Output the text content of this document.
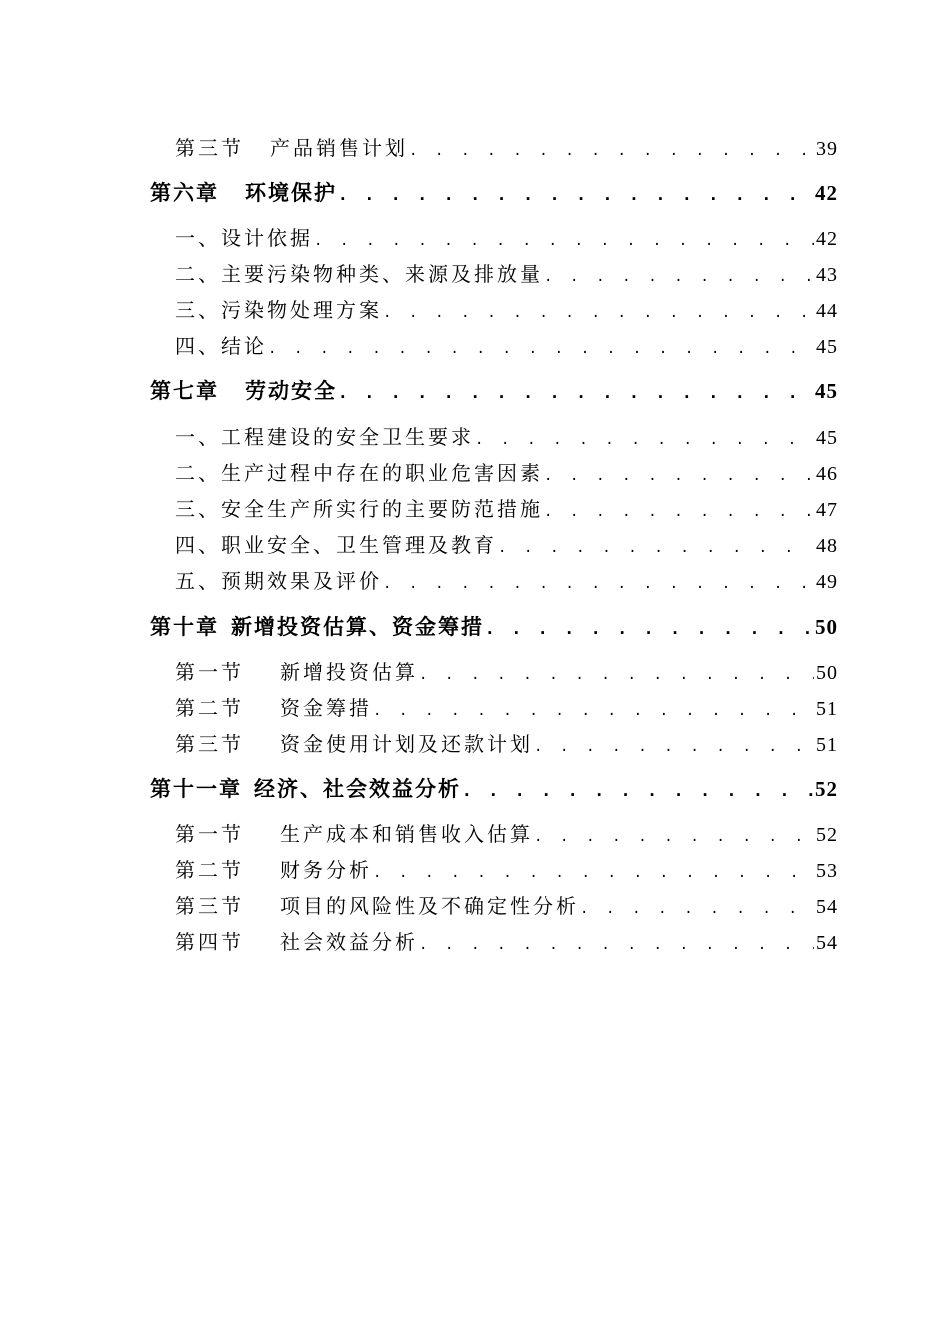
第三节 产品销售计划 . . .	39
第六章 环境保护 . . .	42
一、设计依据 . . .	42
二、主要污染物种类、来源及排放量 . . .	43
三、污染物处理方案 . . .	44
四、结论 . . .	45
第七章 劳动安全 . . .	45
一、工程建设的安全卫生要求 . . .	45
二、生产过程中存在的职业危害因素 . . .	46
三、安全生产所实行的主要防范措施 . . .	47
四、职业安全、卫生管理及教育 . . .	48
五、预期效果及评价 . . .	49
第十章 新增投资估算、资金筹措 . . .	50
第一节 新增投资估算 . . .	50
第二节 资金筹措 . . .	51
第三节 资金使用计划及还款计划 . . .	51
第十一章 经济、社会效益分析 . . .	52
第一节 生产成本和销售收入估算 . . .	52
第二节 财务分析 . . .	53
第三节 项目的风险性及不确定性分析 . . .	54
第四节 社会效益分析 . . .	54
